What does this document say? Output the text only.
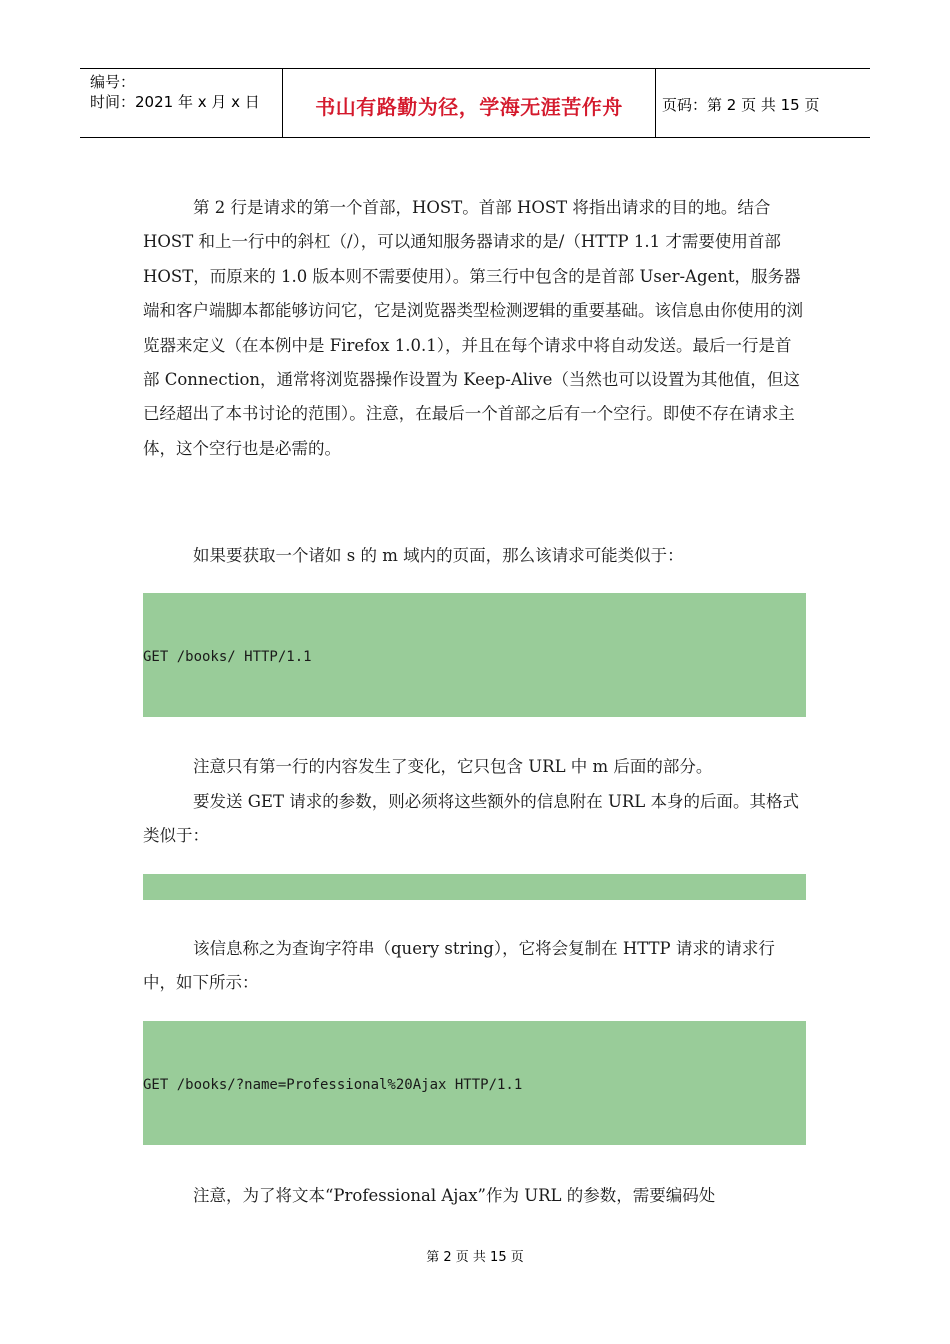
编号：
时间：2021 年 x 月 x 日	书山有路勤为径，学海无涯苦作舟	页码：第 2 页 共 15 页

第 2 行是请求的第一个首部，HOST。首部 HOST 将指出请求的目的地。结合 HOST 和上一行中的斜杠（/），可以通知服务器请求的是/（HTTP 1.1 才需要使用首部 HOST，而原来的 1.0 版本则不需要使用）。第三行中包含的是首部 User-Agent，服务器端和客户端脚本都能够访问它，它是浏览器类型检测逻辑的重要基础。该信息由你使用的浏览器来定义（在本例中是 Firefox 1.0.1），并且在每个请求中将自动发送。最后一行是首部 Connection，通常将浏览器操作设置为 Keep-Alive（当然也可以设置为其他值，但这已经超出了本书讨论的范围）。注意，在最后一个首部之后有一个空行。即使不存在请求主体，这个空行也是必需的。

如果要获取一个诸如 s 的 m 域内的页面，那么该请求可能类似于：

GET /books/ HTTP/1.1

注意只有第一行的内容发生了变化，它只包含 URL 中 m 后面的部分。

要发送 GET 请求的参数，则必须将这些额外的信息附在 URL 本身的后面。其格式类似于：

该信息称之为查询字符串（query string），它将会复制在 HTTP 请求的请求行中，如下所示：

GET /books/?name=Professional%20Ajax HTTP/1.1

注意，为了将文本“Professional Ajax”作为 URL 的参数，需要编码处

第 2 页 共 15 页
